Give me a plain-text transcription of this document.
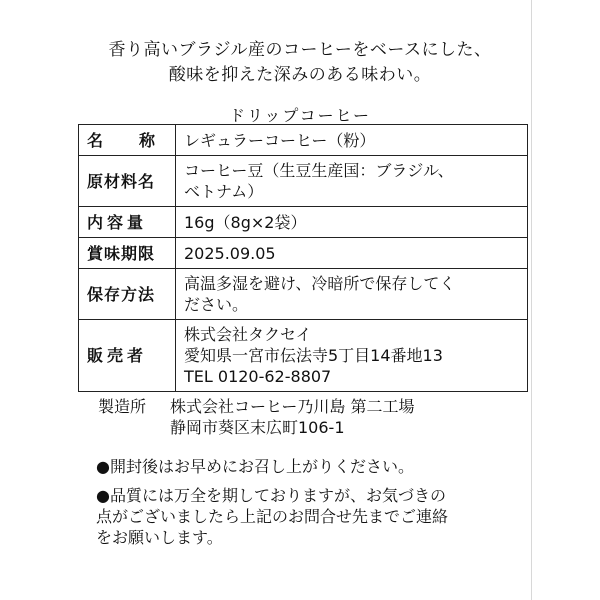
香り高いブラジル産のコーヒーをベースにした、
酸味を抑えた深みのある味わい。
ドリップコーヒー
名　称	レギュラーコーヒー（粉）
原材料名	コーヒー豆（生豆生産国：ブラジル、
ベトナム）
内容量	16g（8g×2袋）
賞味期限	2025.09.05
保存方法	高温多湿を避け、冷暗所で保存してく
ださい。
販売者	株式会社タクセイ
愛知県一宮市伝法寺5丁目14番地13
TEL 0120-62-8807
製造所 株式会社コーヒー乃川島 第二工場
静岡市葵区末広町106-1
●開封後はお早めにお召し上がりください。
●品質には万全を期しておりますが、お気づきの
点がございましたら上記のお問合せ先までご連絡
をお願いします。
